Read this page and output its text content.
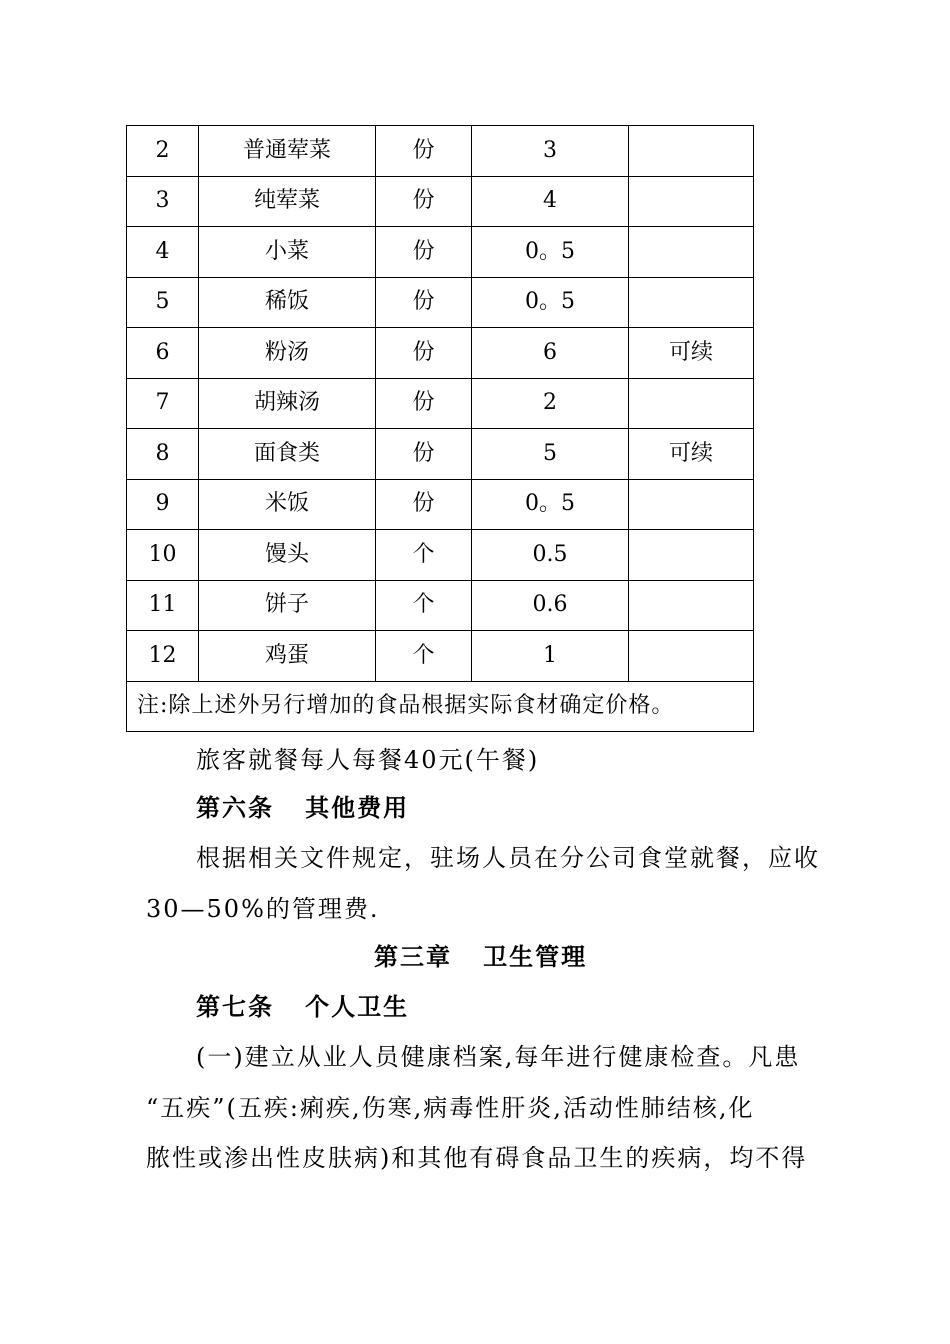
2	普通荤菜	份	3	
3	纯荤菜	份	4	
4	小菜	份	0。5	
5	稀饭	份	0。5	
6	粉汤	份	6	可续
7	胡辣汤	份	2	
8	面食类	份	5	可续
9	米饭	份	0。5	
10	馒头	个	0.5	
11	饼子	个	0.6	
12	鸡蛋	个	1	
注:除上述外另行增加的食品根据实际食材确定价格。				
旅客就餐每人每餐40元(午餐)
第六条   其他费用
根据相关文件规定，驻场人员在分公司食堂就餐，应收
30—50%的管理费.
第三章   卫生管理
第七条   个人卫生
(一)建立从业人员健康档案,每年进行健康检查。凡患
“五疾”(五疾:痢疾,伤寒,病毒性肝炎,活动性肺结核,化
脓性或渗出性皮肤病)和其他有碍食品卫生的疾病，均不得
